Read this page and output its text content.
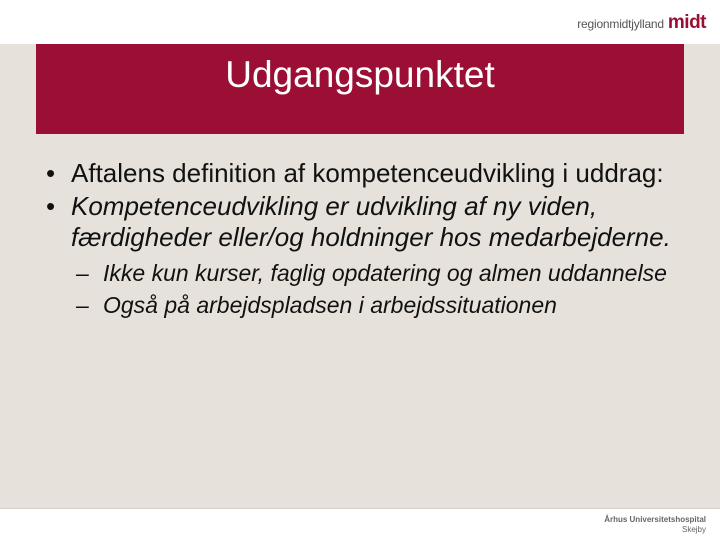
regionmidtjylland midt
Udgangspunktet
• Aftalens definition af kompetenceudvikling i uddrag:
• Kompetenceudvikling er udvikling af ny viden, færdigheder eller/og holdninger hos medarbejderne.
– Ikke kun kurser, faglig opdatering og almen uddannelse
– Også på arbejdspladsen i arbejdssituationen
Århus Universitetshospital
Skejby
